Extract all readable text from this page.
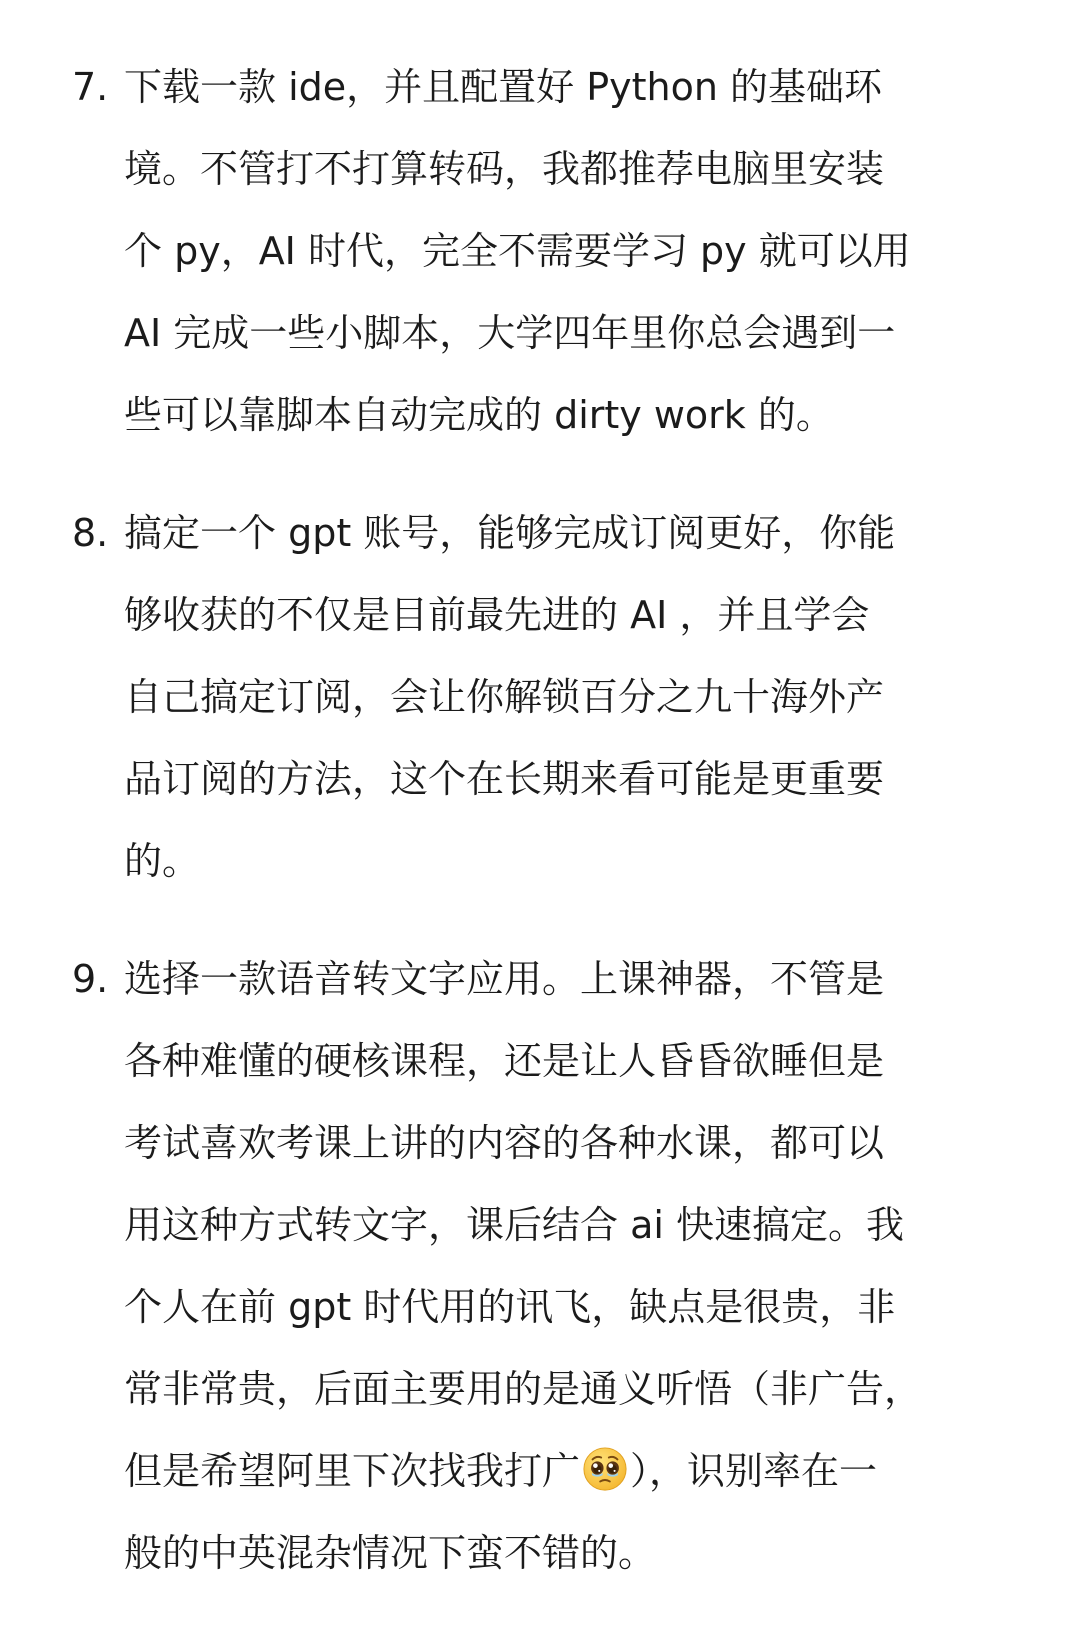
7. 下载一款 ide，并且配置好 Python 的基础环
境。不管打不打算转码，我都推荐电脑里安装
个 py，AI 时代，完全不需要学习 py 就可以用
AI 完成一些小脚本，大学四年里你总会遇到一
些可以靠脚本自动完成的 dirty work 的。

8. 搞定一个 gpt 账号，能够完成订阅更好，你能
够收获的不仅是目前最先进的 AI ，并且学会
自己搞定订阅，会让你解锁百分之九十海外产
品订阅的方法，这个在长期来看可能是更重要
的。

9. 选择一款语音转文字应用。上课神器，不管是
各种难懂的硬核课程，还是让人昏昏欲睡但是
考试喜欢考课上讲的内容的各种水课，都可以
用这种方式转文字，课后结合 ai 快速搞定。我
个人在前 gpt 时代用的讯飞，缺点是很贵，非
常非常贵，后面主要用的是通义听悟（非广告，
但是希望阿里下次找我打广 ），识别率在一
般的中英混杂情况下蛮不错的。
